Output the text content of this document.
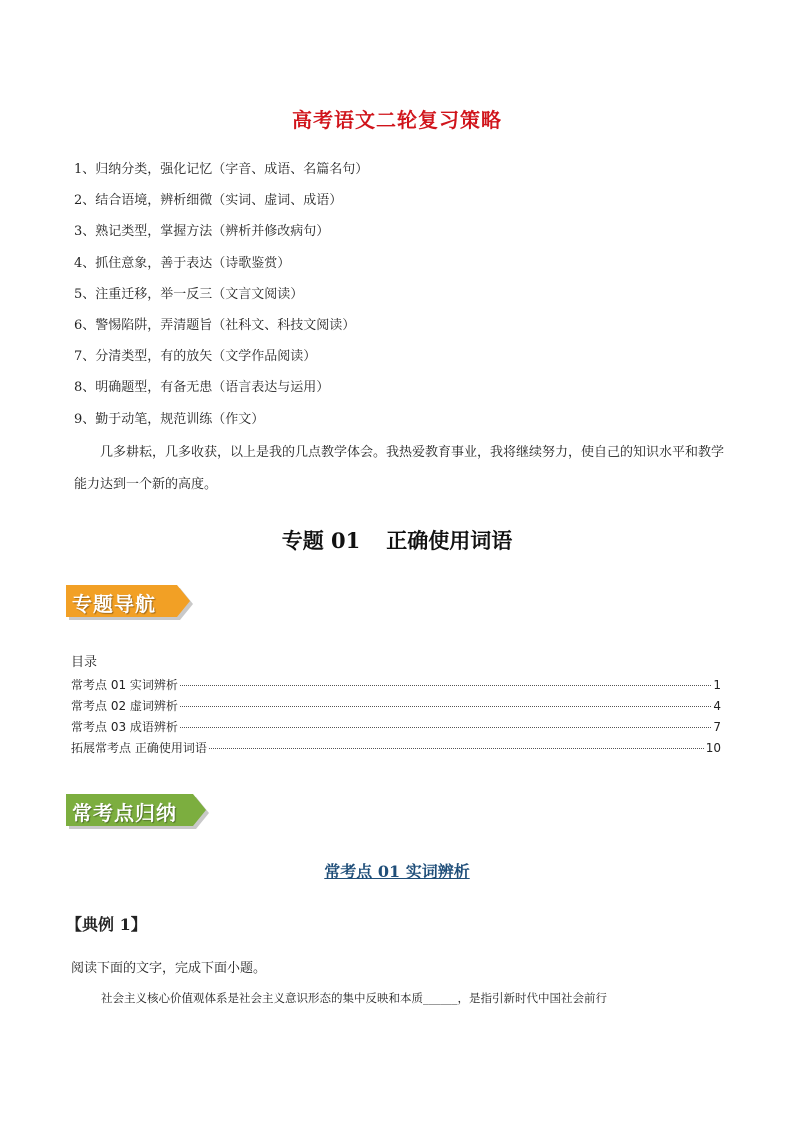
高考语文二轮复习策略
1、归纳分类，强化记忆（字音、成语、名篇名句）
2、结合语境，辨析细微（实词、虚词、成语）
3、熟记类型，掌握方法（辨析并修改病句）
4、抓住意象，善于表达（诗歌鉴赏）
5、注重迁移，举一反三（文言文阅读）
6、警惕陷阱，弄清题旨（社科文、科技文阅读）
7、分清类型，有的放矢（文学作品阅读）
8、明确题型，有备无患（语言表达与运用）
9、勤于动笔，规范训练（作文）
几多耕耘，几多收获，以上是我的几点教学体会。我热爱教育事业，我将继续努力，使自己的知识水平和教学能力达到一个新的高度。
专题 01 正确使用词语
专题导航
目录
常考点 01 实词辨析	1
常考点 02 虚词辨析	4
常考点 03 成语辨析	7
拓展常考点 正确使用词语	10
常考点归纳
常考点 01 实词辨析
【典例 1】
阅读下面的文字，完成下面小题。
社会主义核心价值观体系是社会主义意识形态的集中反映和本质______，是指引新时代中国社会前行
